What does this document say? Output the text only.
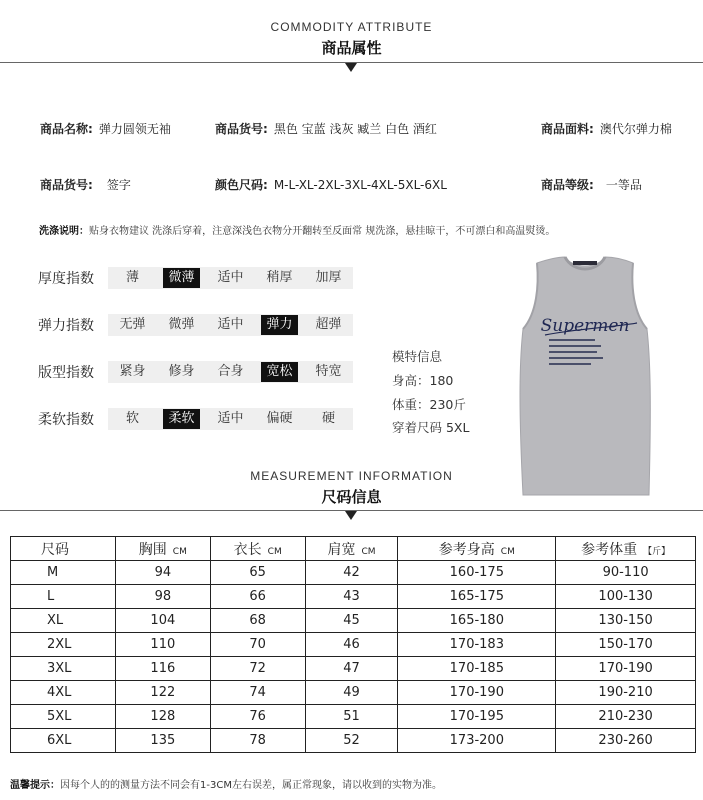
COMMODITY ATTRIBUTE
商品属性
商品名称: 弹力圆领无袖	商品货号: 黑色 宝蓝 浅灰 臧兰 白色 酒红	商品面料: 澳代尔弹力棉
商品货号: 签字	颜色尺码: M-L-XL-2XL-3XL-4XL-5XL-6XL	商品等级: 一等品
洗涤说明：贴身衣物建议 洗涤后穿着，注意深浅色衣物分开翻转至反面常 规洗涤，悬挂晾干，不可漂白和高温熨烫。
厚度指数	薄	微薄	适中	稍厚	加厚
弹力指数	无弹	微弹	适中	弹力	超弹
版型指数	紧身	修身	合身	宽松	特宽
柔软指数	软	柔软	适中	偏硬	硬
模特信息
身高：180
体重：230斤
穿着尺码 5XL
Supermen
MEASUREMENT INFORMATION
尺码信息
尺码	胸围 CM	衣长 CM	肩宽 CM	参考身高 CM	参考体重 【斤】
M	94	65	42	160-175	90-110
L	98	66	43	165-175	100-130
XL	104	68	45	165-180	130-150
2XL	110	70	46	170-183	150-170
3XL	116	72	47	170-185	170-190
4XL	122	74	49	170-190	190-210
5XL	128	76	51	170-195	210-230
6XL	135	78	52	173-200	230-260
温馨提示：因每个人的的测量方法不同会有1-3CM左右误差，属正常现象，请以收到的实物为准。
